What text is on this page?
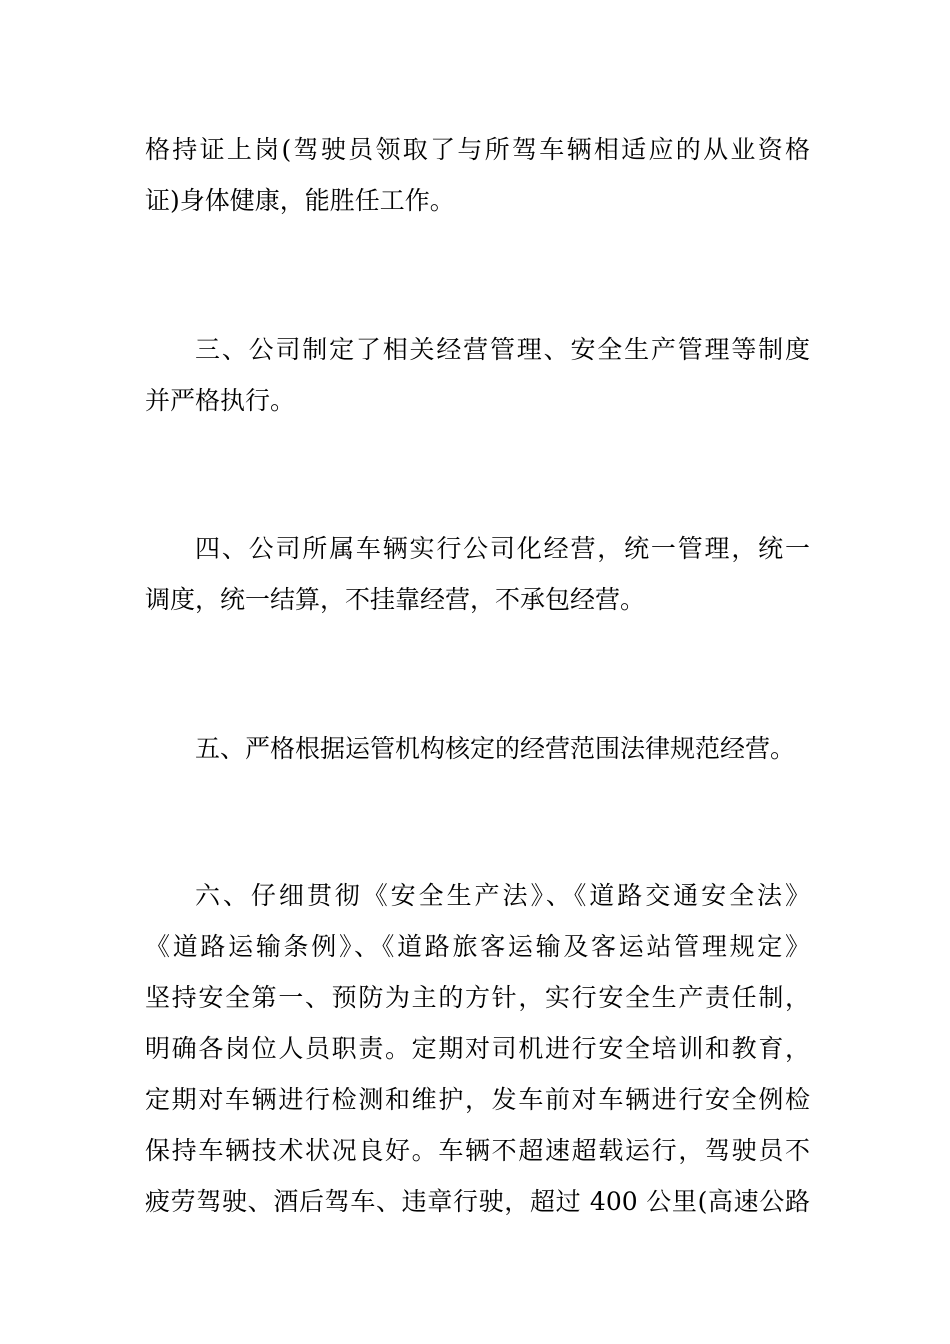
格持证上岗(驾驶员领取了与所驾车辆相适应的从业资格
证)身体健康，能胜任工作。

三、公司制定了相关经营管理、安全生产管理等制度
并严格执行。

四、公司所属车辆实行公司化经营，统一管理，统一
调度，统一结算，不挂靠经营，不承包经营。

五、严格根据运管机构核定的经营范围法律规范经营。

六、仔细贯彻《安全生产法》、《道路交通安全法》
《道路运输条例》、《道路旅客运输及客运站管理规定》
坚持安全第一、预防为主的方针，实行安全生产责任制，
明确各岗位人员职责。定期对司机进行安全培训和教育，
定期对车辆进行检测和维护，发车前对车辆进行安全例检
保持车辆技术状况良好。车辆不超速超载运行，驾驶员不
疲劳驾驶、酒后驾车、违章行驶，超过 400 公里(高速公路
